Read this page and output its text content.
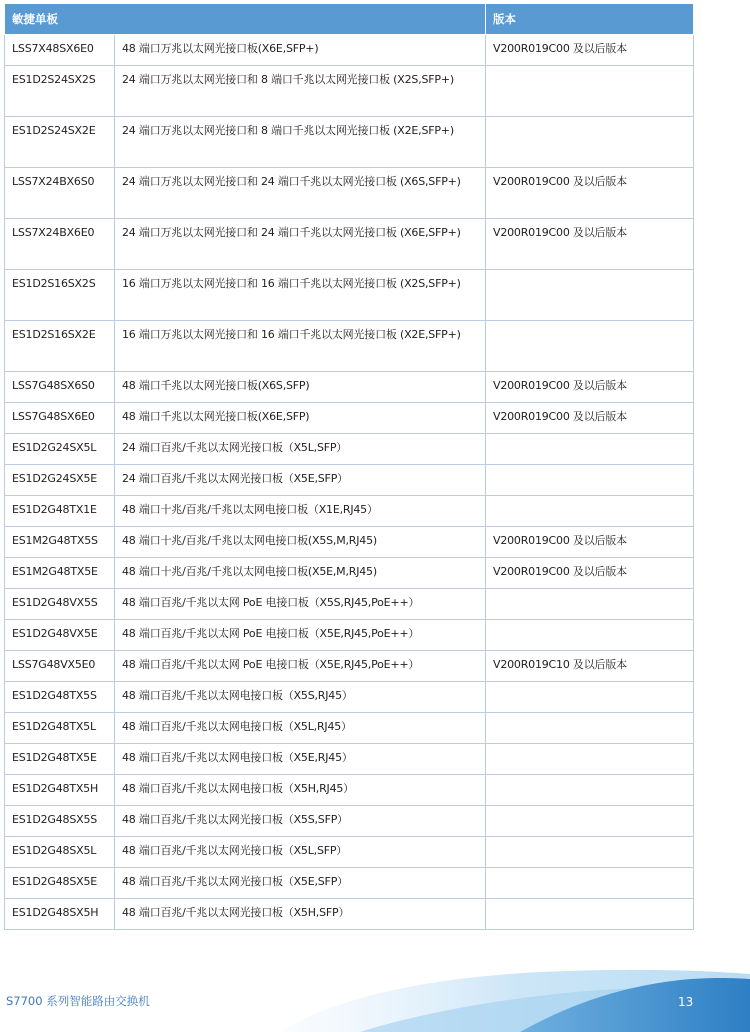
敏捷单板		版本
LSS7X48SX6E0	48 端口万兆以太网光接口板(X6E,SFP+)	V200R019C00 及以后版本
ES1D2S24SX2S	24 端口万兆以太网光接口和 8 端口千兆以太网光接口板 (X2S,SFP+)	
ES1D2S24SX2E	24 端口万兆以太网光接口和 8 端口千兆以太网光接口板 (X2E,SFP+)	
LSS7X24BX6S0	24 端口万兆以太网光接口和 24 端口千兆以太网光接口板 (X6S,SFP+)	V200R019C00 及以后版本
LSS7X24BX6E0	24 端口万兆以太网光接口和 24 端口千兆以太网光接口板 (X6E,SFP+)	V200R019C00 及以后版本
ES1D2S16SX2S	16 端口万兆以太网光接口和 16 端口千兆以太网光接口板 (X2S,SFP+)	
ES1D2S16SX2E	16 端口万兆以太网光接口和 16 端口千兆以太网光接口板 (X2E,SFP+)	
LSS7G48SX6S0	48 端口千兆以太网光接口板(X6S,SFP)	V200R019C00 及以后版本
LSS7G48SX6E0	48 端口千兆以太网光接口板(X6E,SFP)	V200R019C00 及以后版本
ES1D2G24SX5L	24 端口百兆/千兆以太网光接口板（X5L,SFP）	
ES1D2G24SX5E	24 端口百兆/千兆以太网光接口板（X5E,SFP）	
ES1D2G48TX1E	48 端口十兆/百兆/千兆以太网电接口板（X1E,RJ45）	
ES1M2G48TX5S	48 端口十兆/百兆/千兆以太网电接口板(X5S,M,RJ45)	V200R019C00 及以后版本
ES1M2G48TX5E	48 端口十兆/百兆/千兆以太网电接口板(X5E,M,RJ45)	V200R019C00 及以后版本
ES1D2G48VX5S	48 端口百兆/千兆以太网 PoE 电接口板（X5S,RJ45,PoE++）	
ES1D2G48VX5E	48 端口百兆/千兆以太网 PoE 电接口板（X5E,RJ45,PoE++）	
LSS7G48VX5E0	48 端口百兆/千兆以太网 PoE 电接口板（X5E,RJ45,PoE++）	V200R019C10 及以后版本
ES1D2G48TX5S	48 端口百兆/千兆以太网电接口板（X5S,RJ45）	
ES1D2G48TX5L	48 端口百兆/千兆以太网电接口板（X5L,RJ45）	
ES1D2G48TX5E	48 端口百兆/千兆以太网电接口板（X5E,RJ45）	
ES1D2G48TX5H	48 端口百兆/千兆以太网电接口板（X5H,RJ45）	
ES1D2G48SX5S	48 端口百兆/千兆以太网光接口板（X5S,SFP）	
ES1D2G48SX5L	48 端口百兆/千兆以太网光接口板（X5L,SFP）	
ES1D2G48SX5E	48 端口百兆/千兆以太网光接口板（X5E,SFP）	
ES1D2G48SX5H	48 端口百兆/千兆以太网光接口板（X5H,SFP）	
S7700 系列智能路由交换机	13
